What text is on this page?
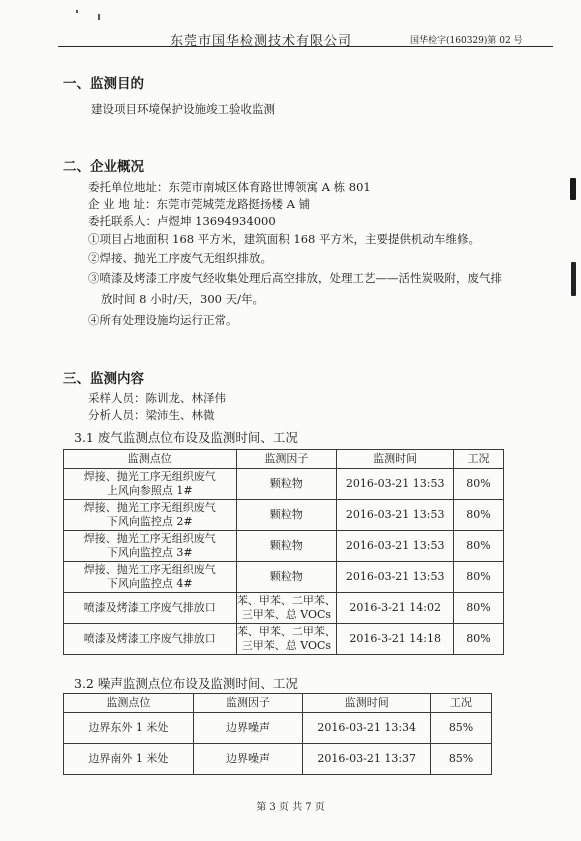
东莞市国华检测技术有限公司	国华检字(160329)第 02 号
一、监测目的
建设项目环境保护设施竣工验收监测
二、企业概况
委托单位地址：东莞市南城区体育路世博领寓 A 栋 801
企 业 地 址：东莞市莞城莞龙路挺扬楼 A 铺
委托联系人：卢煜坤 13694934000
①项目占地面积 168 平方米，建筑面积 168 平方米，主要提供机动车维修。
②焊接、抛光工序废气无组织排放。
③喷漆及烤漆工序废气经收集处理后高空排放，处理工艺——活性炭吸附，废气排
放时间 8 小时/天，300 天/年。
④所有处理设施均运行正常。
三、监测内容
采样人员：陈训龙、林泽伟
分析人员：梁沛生、林微
3.1 废气监测点位布设及监测时间、工况
监测点位	监测因子	监测时间	工况
焊接、抛光工序无组织废气
上风向参照点 1#	颗粒物	2016-03-21 13:53	80%
焊接、抛光工序无组织废气
下风向监控点 2#	颗粒物	2016-03-21 13:53	80%
焊接、抛光工序无组织废气
下风向监控点 3#	颗粒物	2016-03-21 13:53	80%
焊接、抛光工序无组织废气
下风向监控点 4#	颗粒物	2016-03-21 13:53	80%
喷漆及烤漆工序废气排放口	苯、甲苯、二甲苯、
三甲苯、总 VOCs	2016-3-21 14:02	80%
喷漆及烤漆工序废气排放口	苯、甲苯、二甲苯、
三甲苯、总 VOCs	2016-3-21 14:18	80%
3.2 噪声监测点位布设及监测时间、工况
监测点位	监测因子	监测时间	工况
边界东外 1 米处	边界噪声	2016-03-21 13:34	85%
边界南外 1 米处	边界噪声	2016-03-21 13:37	85%
第 3 页 共 7 页
